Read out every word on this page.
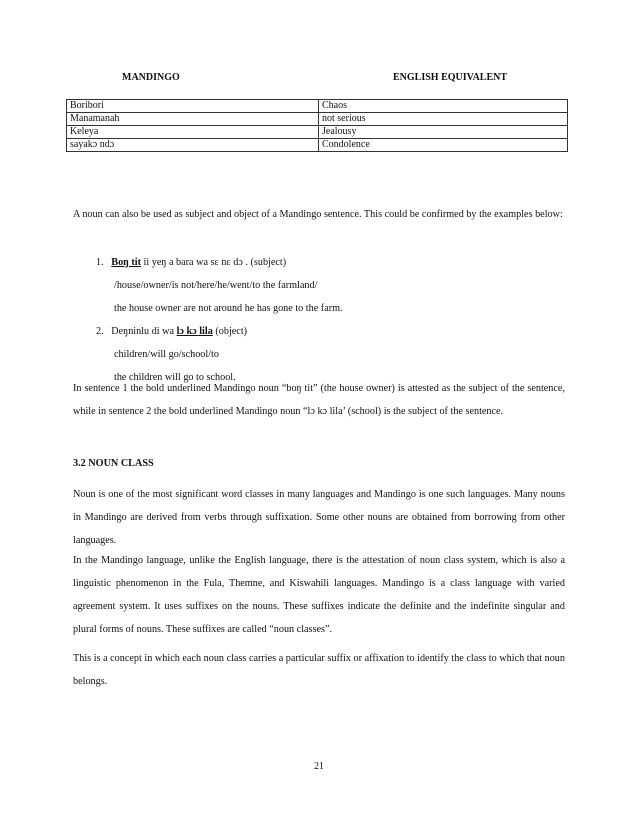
MANDINGO	ENGLISH EQUIVALENT
Boribori	Chaos
Manamanah	not serious
Keleya	Jealousy
sayakɔ ndɔ	Condolence
A noun can also be used as subject and object of a Mandingo sentence. This could be confirmed by the examples below:
1. Boŋ tit ii yeŋ a bara wa sɛ nɛ dɔ . (subject)
/house/owner/is not/here/he/went/to the farmland/
the house owner are not around he has gone to the farm.
2. Deŋninlu di wa lɔ kɔ lila (object)
children/will go/school/to
the children will go to school.
In sentence 1 the bold underlined Mandingo noun “boŋ tit” (the house owner) is attested as the subject of the sentence, while in sentence 2 the bold underlined Mandingo noun “lɔ kɔ lila’ (school) is the subject of the sentence.
3.2 NOUN CLASS
Noun is one of the most significant word classes in many languages and Mandingo is one such languages. Many nouns in Mandingo are derived from verbs through suffixation. Some other nouns are obtained from borrowing from other languages.
In the Mandingo language, unlike the English language, there is the attestation of noun class system, which is also a linguistic phenomenon in the Fula, Themne, and Kiswahili languages. Mandingo is a class language with varied agreement system. It uses suffixes on the nouns. These suffixes indicate the definite and the indefinite singular and plural forms of nouns. These suffixes are called “noun classes”.
This is a concept in which each noun class carries a particular suffix or affixation to identify the class to which that noun belongs.
21
